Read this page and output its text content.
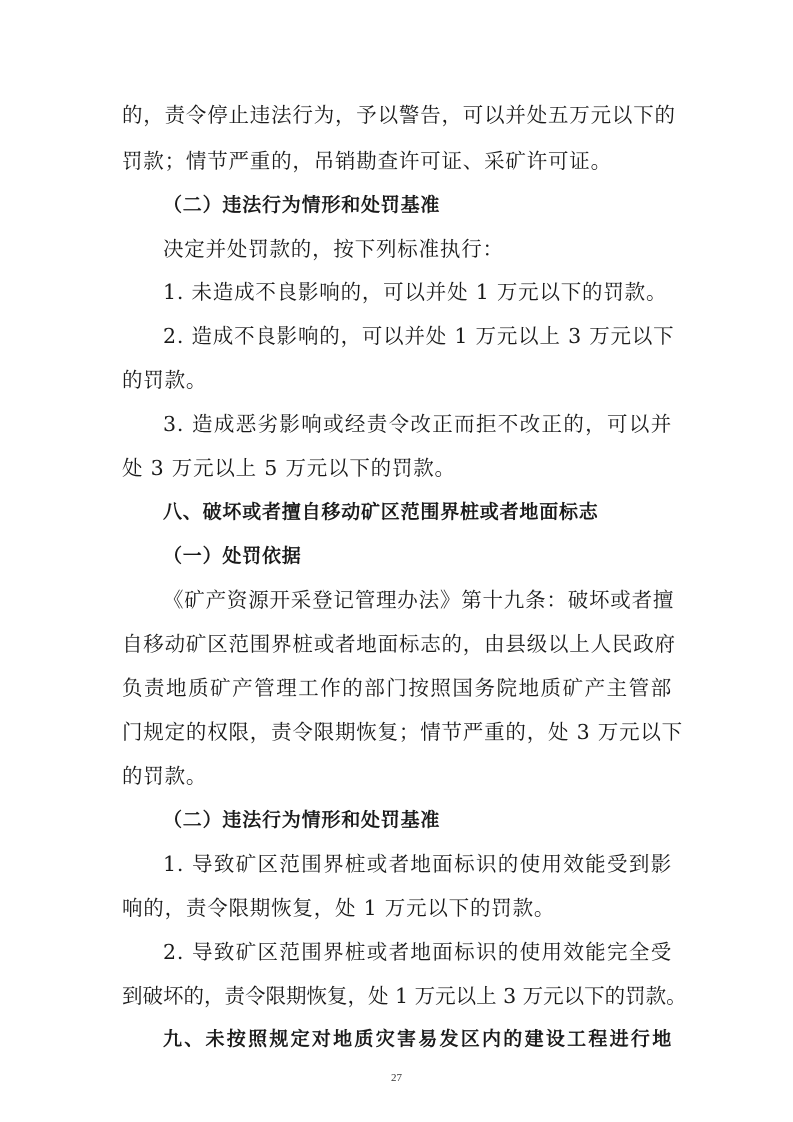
的，责令停止违法行为，予以警告，可以并处五万元以下的
罚款；情节严重的，吊销勘查许可证、采矿许可证。
（二）违法行为情形和处罚基准
决定并处罚款的，按下列标准执行：
1. 未造成不良影响的，可以并处 1 万元以下的罚款。
2. 造成不良影响的，可以并处 1 万元以上 3 万元以下
的罚款。
3. 造成恶劣影响或经责令改正而拒不改正的，可以并
处 3 万元以上 5 万元以下的罚款。
八、破坏或者擅自移动矿区范围界桩或者地面标志
（一）处罚依据
《矿产资源开采登记管理办法》第十九条：破坏或者擅
自移动矿区范围界桩或者地面标志的，由县级以上人民政府
负责地质矿产管理工作的部门按照国务院地质矿产主管部
门规定的权限，责令限期恢复；情节严重的，处 3 万元以下
的罚款。
（二）违法行为情形和处罚基准
1. 导致矿区范围界桩或者地面标识的使用效能受到影
响的，责令限期恢复，处 1 万元以下的罚款。
2. 导致矿区范围界桩或者地面标识的使用效能完全受
到破坏的，责令限期恢复，处 1 万元以上 3 万元以下的罚款。
九、未按照规定对地质灾害易发区内的建设工程进行地
27
